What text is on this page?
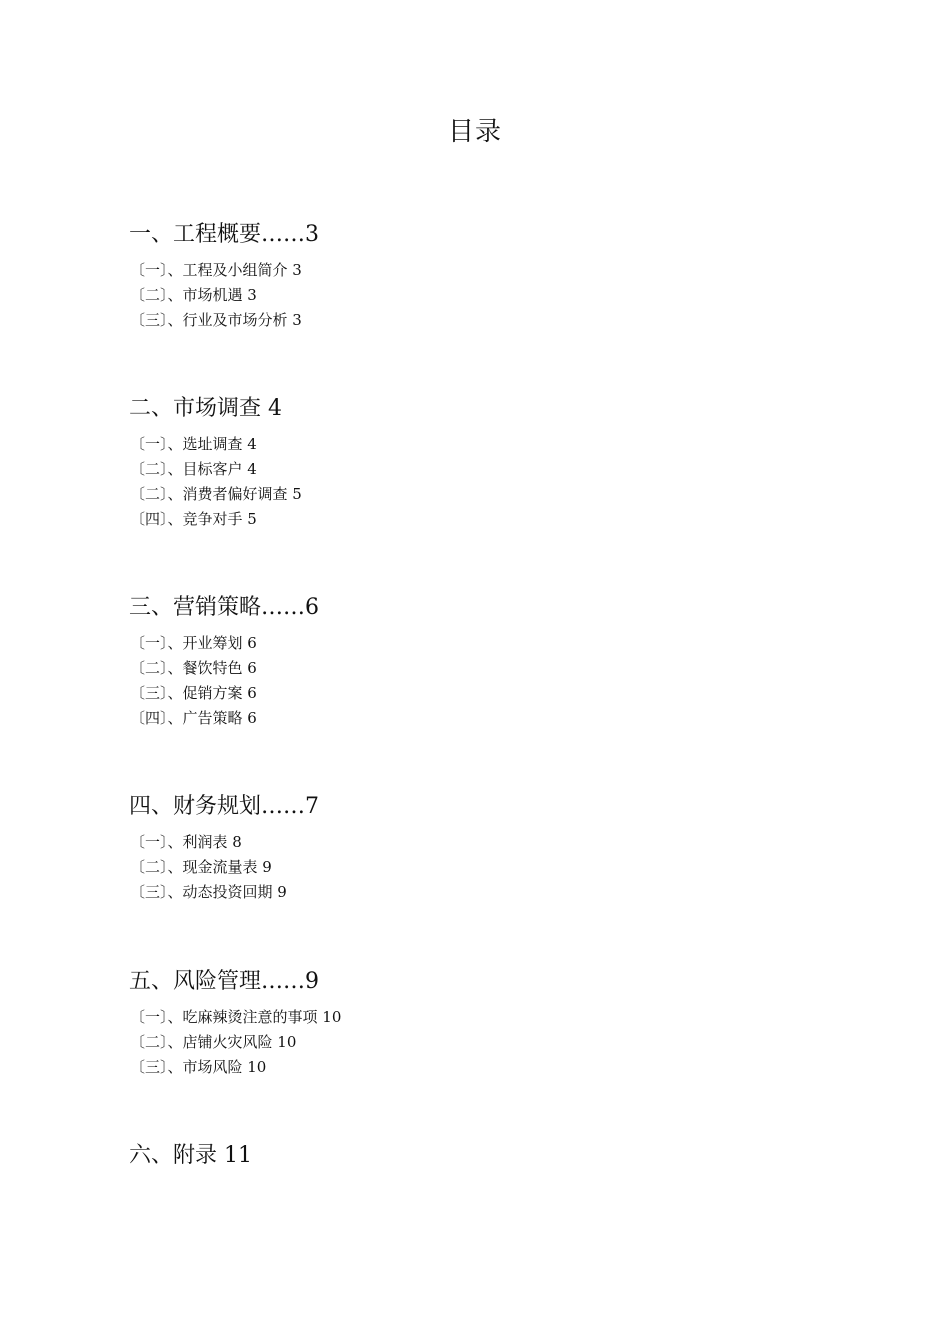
目录
一、工程概要……3
〔一〕、工程及小组简介 3
〔二〕、市场机遇 3
〔三〕、行业及市场分析 3
二、市场调查 4
〔一〕、选址调查 4
〔二〕、目标客户 4
〔二〕、消费者偏好调查 5
〔四〕、竞争对手 5
三、营销策略……6
〔一〕、开业筹划 6
〔二〕、餐饮特色 6
〔三〕、促销方案 6
〔四〕、广告策略 6
四、财务规划……7
〔一〕、利润表 8
〔二〕、现金流量表 9
〔三〕、动态投资回期 9
五、风险管理……9
〔一〕、吃麻辣烫注意的事项 10
〔二〕、店铺火灾风险 10
〔三〕、市场风险 10
六、附录 11
